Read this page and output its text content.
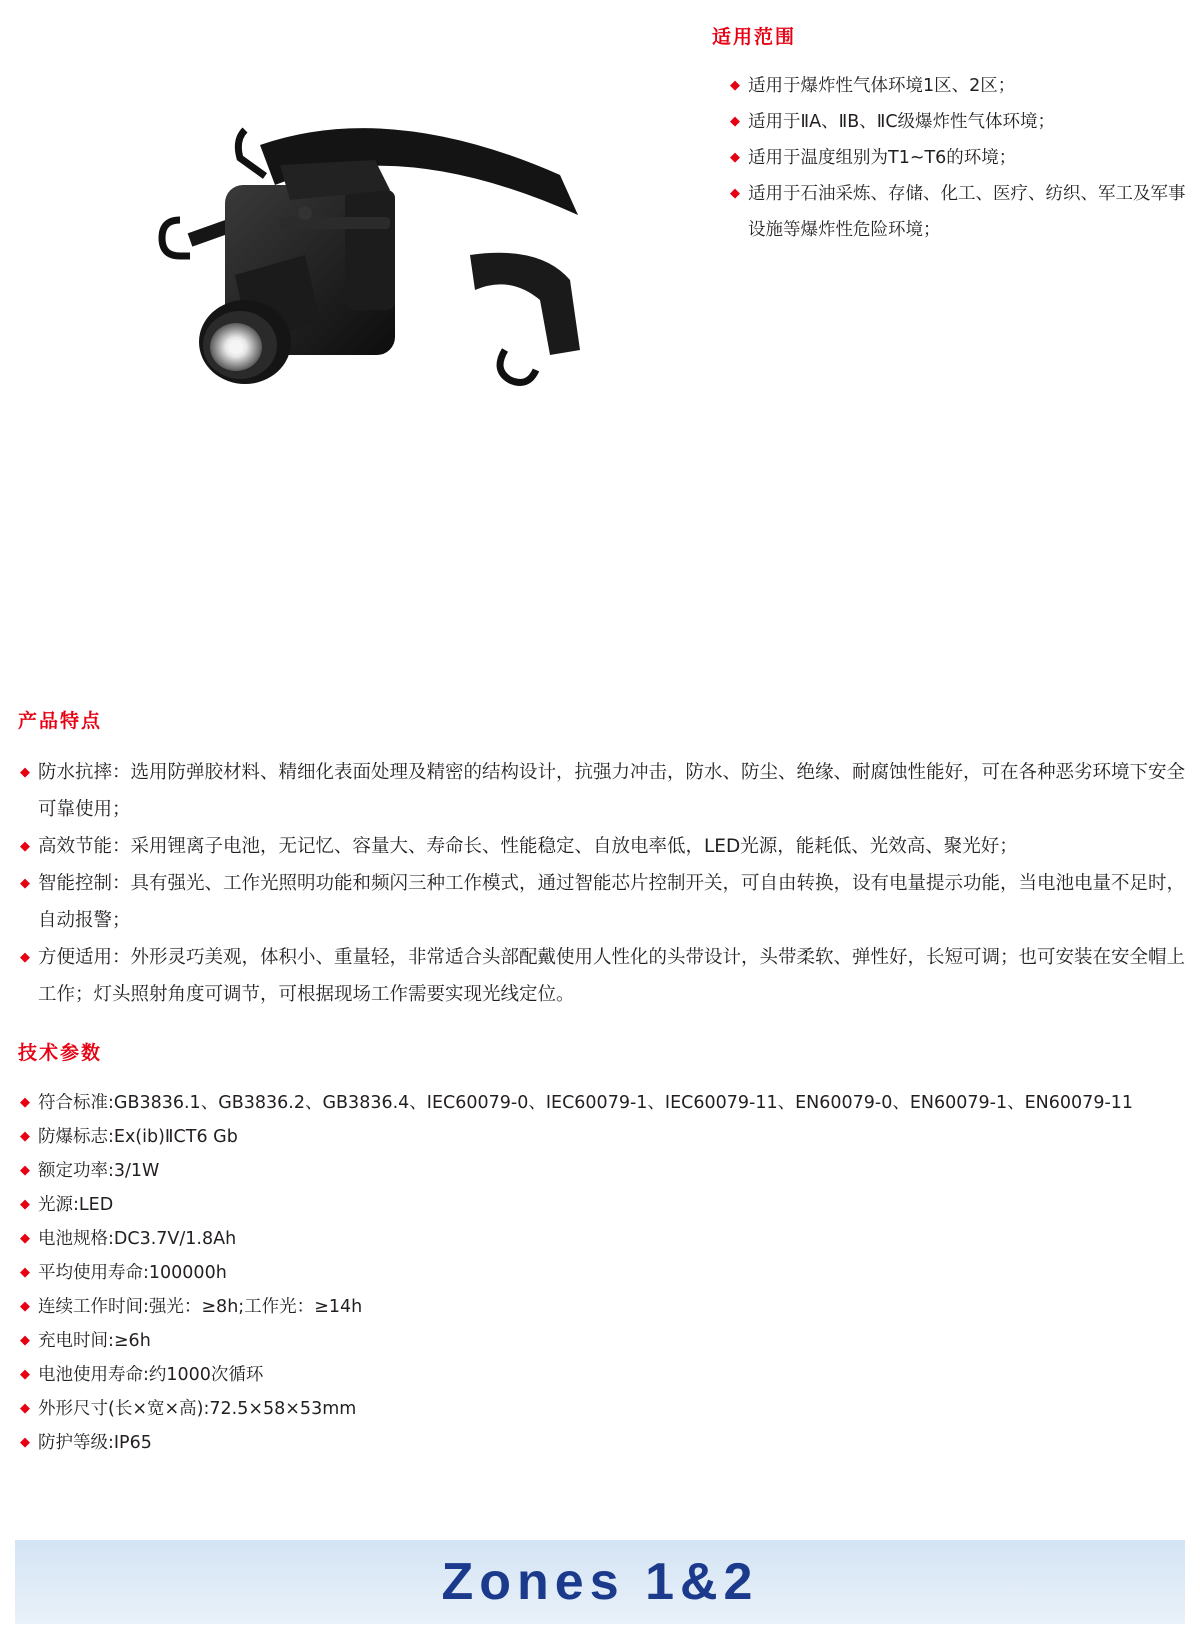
适用范围
◆ 适用于爆炸性气体环境1区、2区；
◆ 适用于ⅡA、ⅡB、ⅡC级爆炸性气体环境；
◆ 适用于温度组别为T1~T6的环境；
◆ 适用于石油采炼、存储、化工、医疗、纺织、军工及军事设施等爆炸性危险环境；
产品特点
◆ 防水抗摔：选用防弹胶材料、精细化表面处理及精密的结构设计，抗强力冲击，防水、防尘、绝缘、耐腐蚀性能好，可在各种恶劣环境下安全可靠使用；
◆ 高效节能：采用锂离子电池，无记忆、容量大、寿命长、性能稳定、自放电率低，LED光源，能耗低、光效高、聚光好；
◆ 智能控制：具有强光、工作光照明功能和频闪三种工作模式，通过智能芯片控制开关，可自由转换，设有电量提示功能，当电池电量不足时，自动报警；
◆ 方便适用：外形灵巧美观，体积小、重量轻，非常适合头部配戴使用人性化的头带设计，头带柔软、弹性好，长短可调；也可安装在安全帽上工作；灯头照射角度可调节，可根据现场工作需要实现光线定位。
技术参数
◆ 符合标准:GB3836.1、GB3836.2、GB3836.4、IEC60079-0、IEC60079-1、IEC60079-11、EN60079-0、EN60079-1、EN60079-11
◆ 防爆标志:Ex(ib)ⅡCT6 Gb
◆ 额定功率:3/1W
◆ 光源:LED
◆ 电池规格:DC3.7V/1.8Ah
◆ 平均使用寿命:100000h
◆ 连续工作时间:强光：≥8h;工作光：≥14h
◆ 充电时间:≥6h
◆ 电池使用寿命:约1000次循环
◆ 外形尺寸(长×宽×高):72.5×58×53mm
◆ 防护等级:IP65
Zones 1&2
